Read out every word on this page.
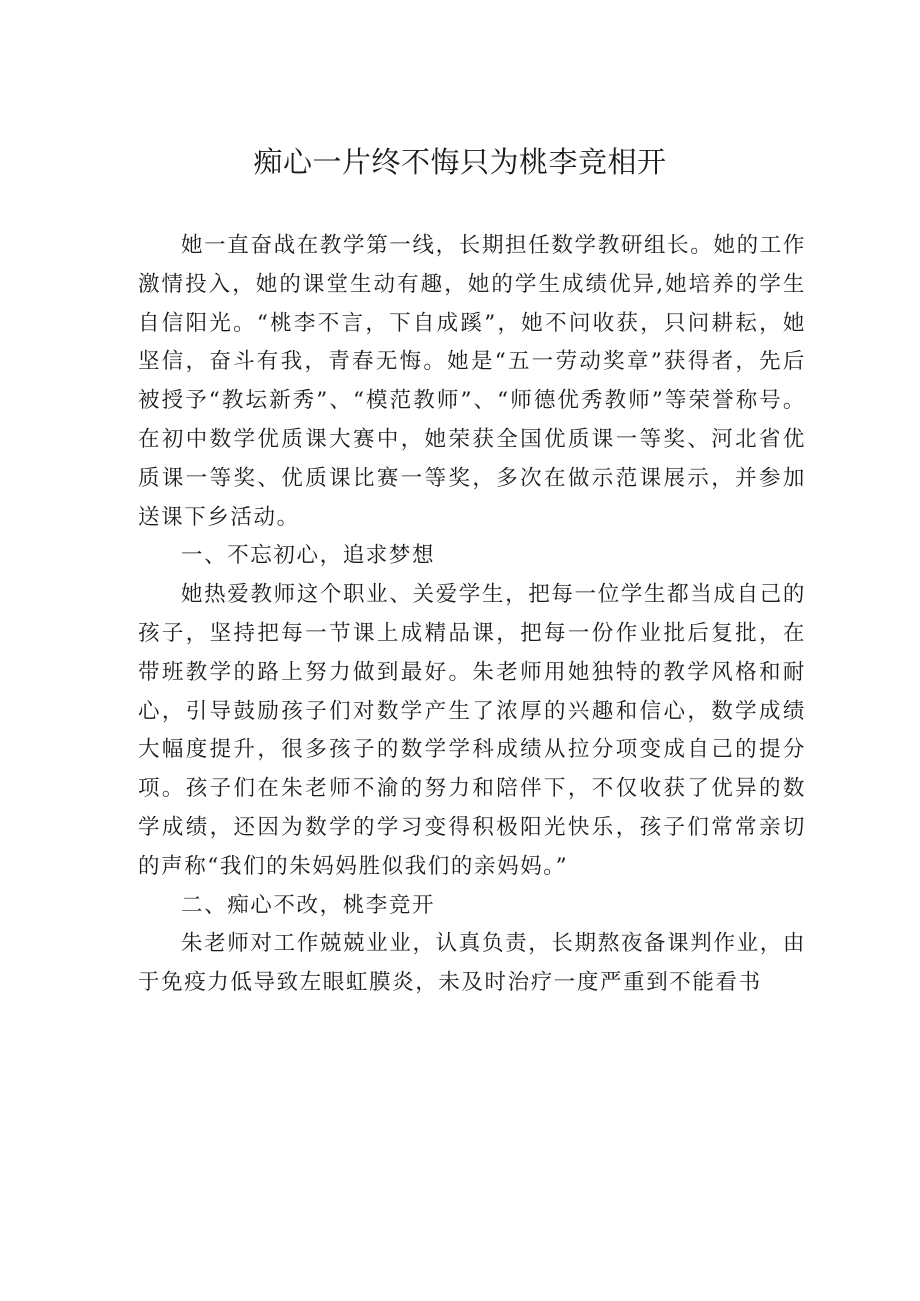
痴心一片终不悔只为桃李竞相开

她一直奋战在教学第一线，长期担任数学教研组长。她的工作激情投入，她的课堂生动有趣，她的学生成绩优异,她培养的学生自信阳光。“桃李不言，下自成蹊”，她不问收获，只问耕耘，她坚信，奋斗有我，青春无悔。她是“五一劳动奖章”获得者，先后被授予“教坛新秀”、“模范教师”、“师德优秀教师”等荣誉称号。在初中数学优质课大赛中，她荣获全国优质课一等奖、河北省优质课一等奖、优质课比赛一等奖，多次在做示范课展示，并参加送课下乡活动。

一、不忘初心，追求梦想

她热爱教师这个职业、关爱学生，把每一位学生都当成自己的孩子，坚持把每一节课上成精品课，把每一份作业批后复批，在带班教学的路上努力做到最好。朱老师用她独特的教学风格和耐心，引导鼓励孩子们对数学产生了浓厚的兴趣和信心，数学成绩大幅度提升，很多孩子的数学学科成绩从拉分项变成自己的提分项。孩子们在朱老师不渝的努力和陪伴下，不仅收获了优异的数学成绩，还因为数学的学习变得积极阳光快乐，孩子们常常亲切的声称“我们的朱妈妈胜似我们的亲妈妈。”

二、痴心不改，桃李竞开

朱老师对工作兢兢业业，认真负责，长期熬夜备课判作业，由于免疫力低导致左眼虹膜炎，未及时治疗一度严重到不能看书
